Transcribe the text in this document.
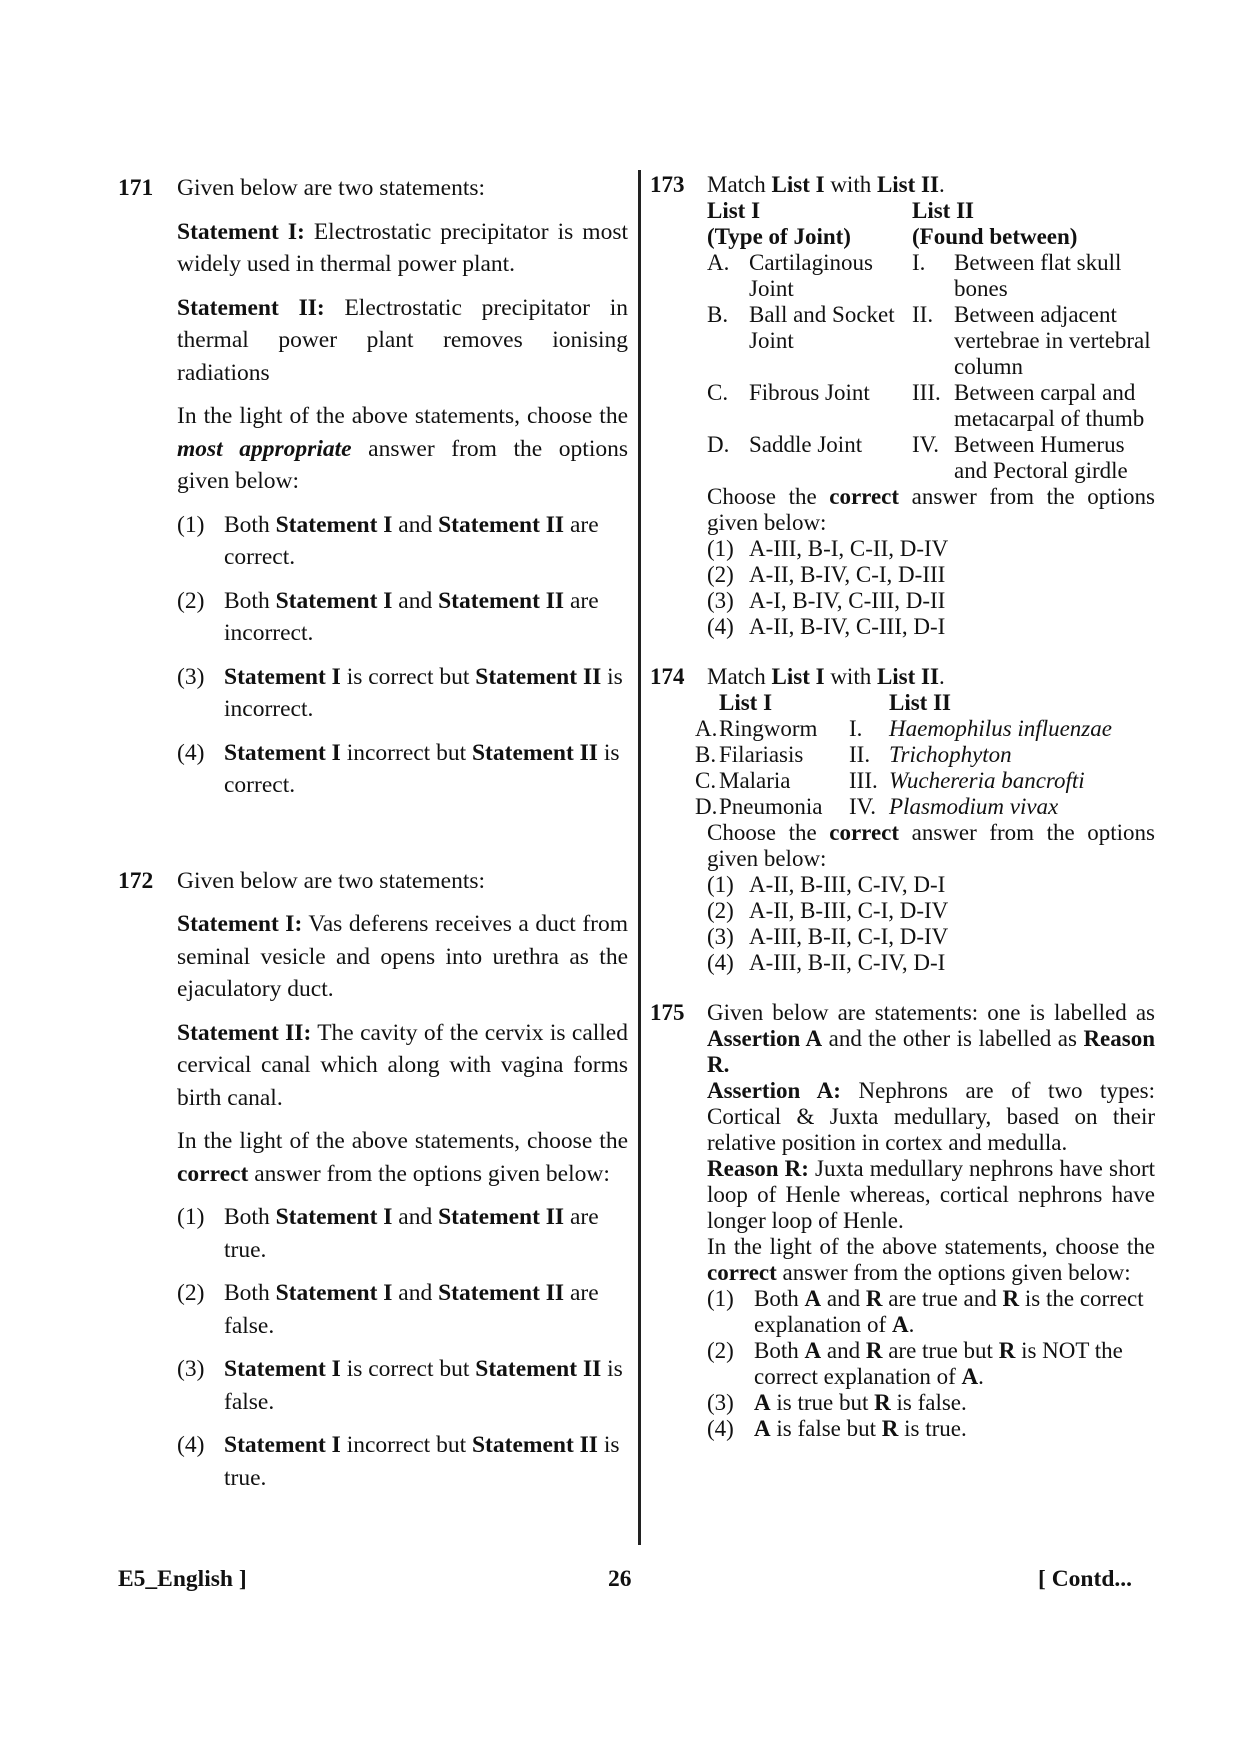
171 Given below are two statements:

Statement I: Electrostatic precipitator is most widely used in thermal power plant.

Statement II: Electrostatic precipitator in thermal power plant removes ionising radiations

In the light of the above statements, choose the most appropriate answer from the options given below:

(1) Both Statement I and Statement II are correct.
(2) Both Statement I and Statement II are incorrect.
(3) Statement I is correct but Statement II is incorrect.
(4) Statement I incorrect but Statement II is correct.
172 Given below are two statements:

Statement I: Vas deferens receives a duct from seminal vesicle and opens into urethra as the ejaculatory duct.

Statement II: The cavity of the cervix is called cervical canal which along with vagina forms birth canal.

In the light of the above statements, choose the correct answer from the options given below:

(1) Both Statement I and Statement II are true.
(2) Both Statement I and Statement II are false.
(3) Statement I is correct but Statement II is false.
(4) Statement I incorrect but Statement II is true.
173 Match List I with List II.

List I		List II	
(Type of Joint)		(Found between)	
A.	Cartilaginous Joint	I.	Between flat skull bones
B.	Ball and Socket Joint	II.	Between adjacent vertebrae in vertebral column
C.	Fibrous Joint	III.	Between carpal and metacarpal of thumb
D.	Saddle Joint	IV.	Between Humerus and Pectoral girdle

Choose the correct answer from the options given below:

(1) A-III, B-I, C-II, D-IV
(2) A-II, B-IV, C-I, D-III
(3) A-I, B-IV, C-III, D-II
(4) A-II, B-IV, C-III, D-I
174 Match List I with List II.

	List I		List II
A.	Ringworm	I.	Haemophilus influenzae
B.	Filariasis	II.	Trichophyton
C.	Malaria	III.	Wuchereria bancrofti
D.	Pneumonia	IV.	Plasmodium vivax

Choose the correct answer from the options given below:

(1) A-II, B-III, C-IV, D-I
(2) A-II, B-III, C-I, D-IV
(3) A-III, B-II, C-I, D-IV
(4) A-III, B-II, C-IV, D-I
175 Given below are statements: one is labelled as Assertion A and the other is labelled as Reason R.

Assertion A: Nephrons are of two types: Cortical & Juxta medullary, based on their relative position in cortex and medulla.

Reason R: Juxta medullary nephrons have short loop of Henle whereas, cortical nephrons have longer loop of Henle.

In the light of the above statements, choose the correct answer from the options given below:

(1) Both A and R are true and R is the correct explanation of A.
(2) Both A and R are true but R is NOT the correct explanation of A.
(3) A is true but R is false.
(4) A is false but R is true.
E5_English ]	26	[ Contd...
